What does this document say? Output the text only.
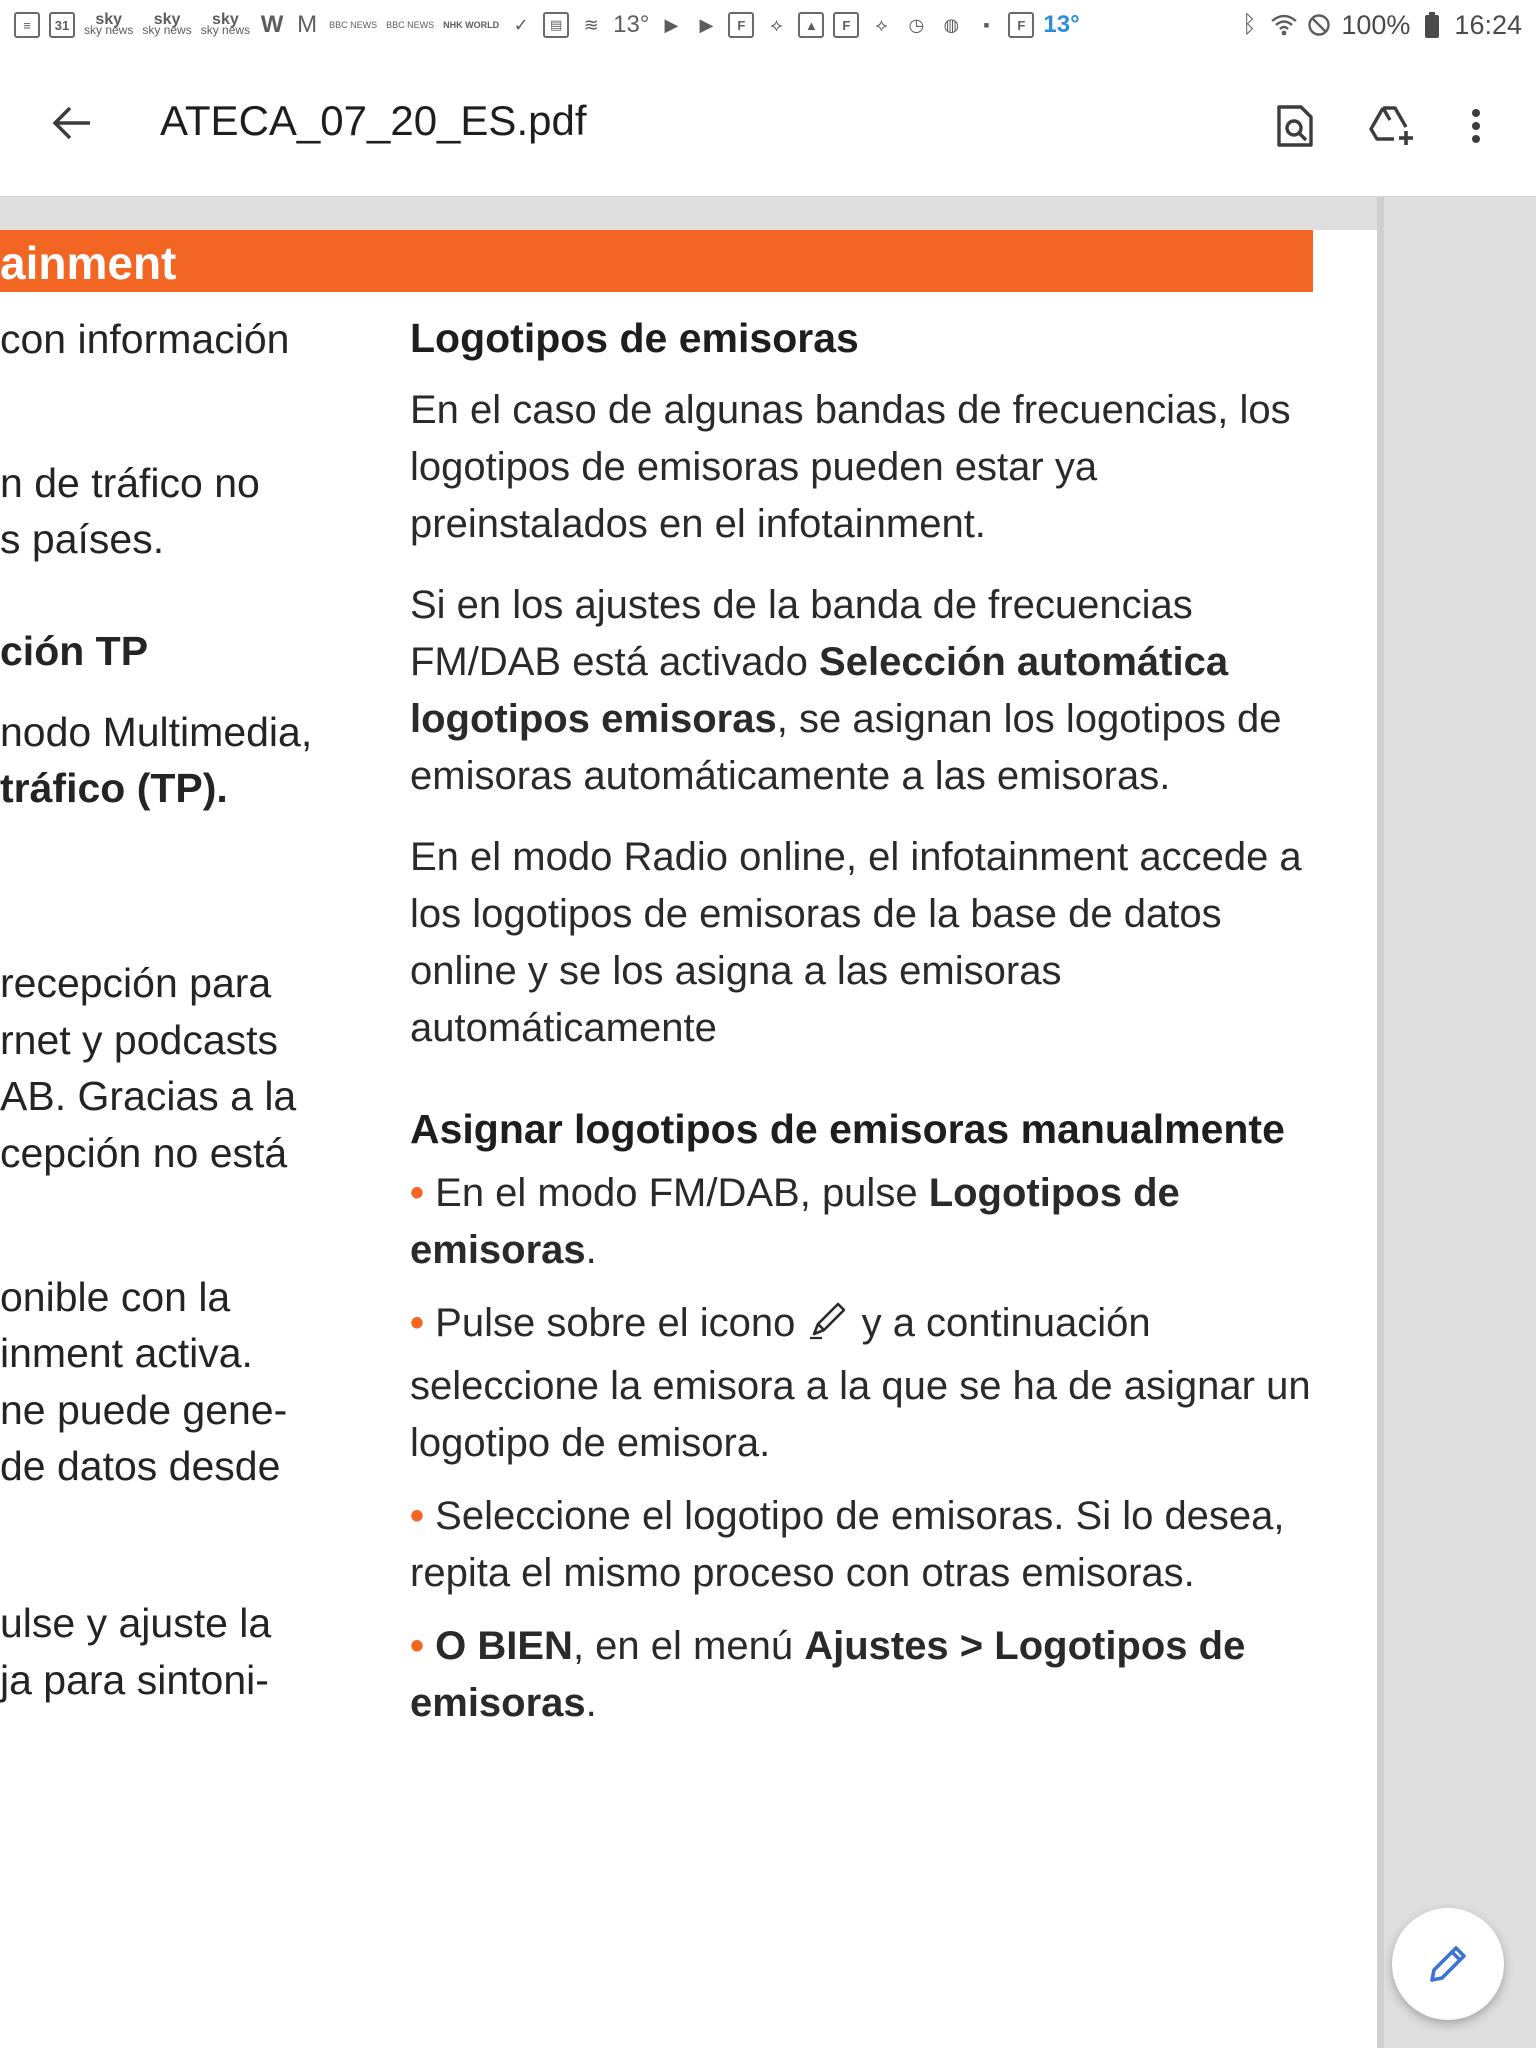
≡	31	sky
sky news
sky
sky news
sky
sky news W M	BBC NEWS BBC NEWS NHK WORLD ✓	▤	≋ 13° ▶	▶	F	⟡	▲	F	⟡	◷ ◍	▪	F 13°	ᛒ	100% 16:24
ATECA_07_20_ES.pdf
ainment
con información
n de tráfico no
s países.
ción TP
nodo Multimedia,
tráfico (TP).
recepción para
rnet y podcasts
AB. Gracias a la
cepción no está
onible con la
inment activa.
ne puede gene-
de datos desde
ulse y ajuste la
ja para sintoni-
Logotipos de emisoras

En el caso de algunas bandas de frecuencias, los logotipos de emisoras pueden estar ya preinstalados en el infotainment.

Si en los ajustes de la banda de frecuencias FM/DAB está activado Selección automática logotipos emisoras, se asignan los logotipos de emisoras automáticamente a las emisoras.

En el modo Radio online, el infotainment accede a los logotipos de emisoras de la base de datos online y se los asigna a las emisoras automáticamente

Asignar logotipos de emisoras manualmente

• En el modo FM/DAB, pulse Logotipos de emisoras.

• Pulse sobre el icono  y a continuación seleccione la emisora a la que se ha de asignar un logotipo de emisora.

• Seleccione el logotipo de emisoras. Si lo desea, repita el mismo proceso con otras emisoras.

• O BIEN, en el menú Ajustes > Logotipos de emisoras.
